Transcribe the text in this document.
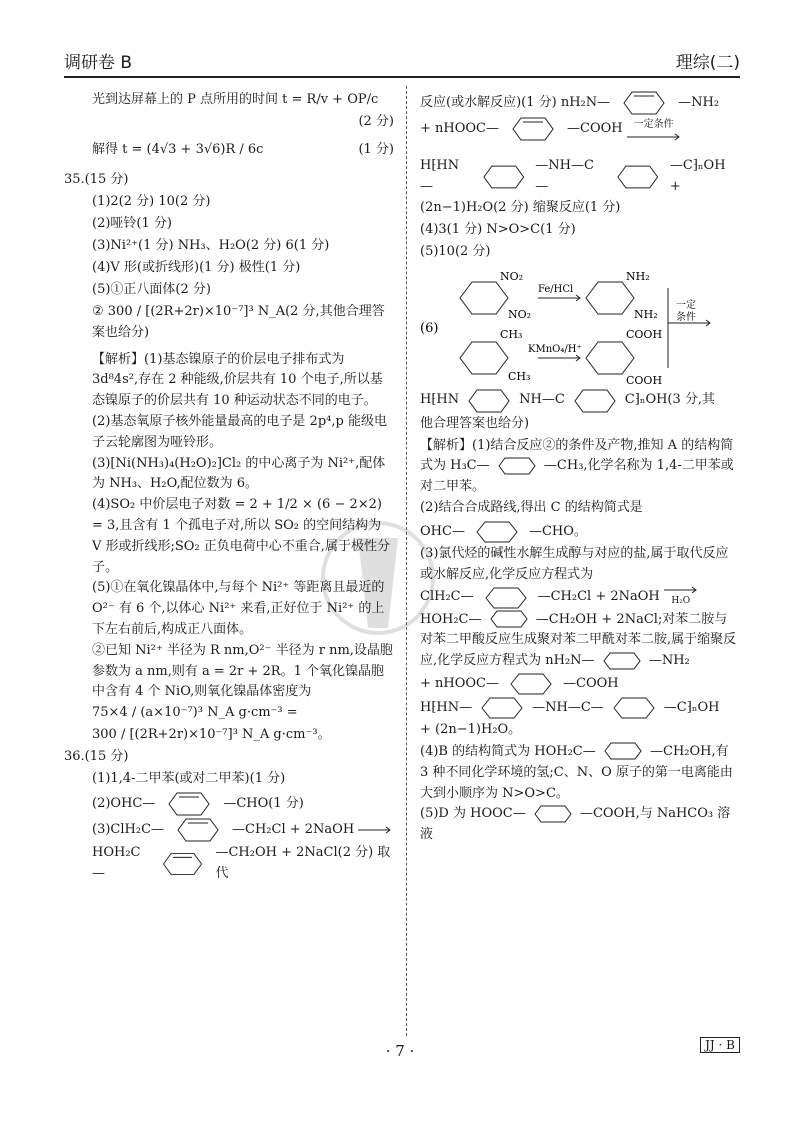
调研卷 B	理综(二)
光到达屏幕上的 P 点所用的时间 t = R/v + OP/c
(2 分)
解得 t = (4√3 + 3√6)R / 6c	(1 分)
35.(15 分)
(1)2(2 分) 10(2 分)
(2)哑铃(1 分)
(3)Ni²⁺(1 分) NH₃、H₂O(2 分) 6(1 分)
(4)V 形(或折线形)(1 分) 极性(1 分)
(5)①正八面体(2 分)
② 300 / [(2R+2r)×10⁻⁷]³ N_A(2 分,其他合理答案也给分)
【解析】(1)基态镍原子的价层电子排布式为 3d⁸4s²,存在 2 种能级,价层共有 10 个电子,所以基态镍原子的价层共有 10 种运动状态不同的电子。
(2)基态氧原子核外能量最高的电子是 2p⁴,p 能级电子云轮廓图为哑铃形。
(3)[Ni(NH₃)₄(H₂O)₂]Cl₂ 的中心离子为 Ni²⁺,配体为 NH₃、H₂O,配位数为 6。
(4)SO₂ 中价层电子对数 = 2 + 1/2 × (6 − 2×2) = 3,且含有 1 个孤电子对,所以 SO₂ 的空间结构为 V 形或折线形;SO₂ 正负电荷中心不重合,属于极性分子。
(5)①在氧化镍晶体中,与每个 Ni²⁺ 等距离且最近的 O²⁻ 有 6 个,以体心 Ni²⁺ 来看,正好位于 Ni²⁺ 的上下左右前后,构成正八面体。
②已知 Ni²⁺ 半径为 R nm,O²⁻ 半径为 r nm,设晶胞参数为 a nm,则有 a = 2r + 2R。1 个氧化镍晶胞中含有 4 个 NiO,则氧化镍晶体密度为
75×4 / (a×10⁻⁷)³ N_A g·cm⁻³ =
300 / [(2R+2r)×10⁻⁷]³ N_A g·cm⁻³。
36.(15 分)
(1)1,4-二甲苯(或对二甲苯)(1 分)
(2)OHC—	—CHO(1 分)
(3)ClH₂C—	—CH₂Cl + 2NaOH →
HOH₂C—
—CH₂OH + 2NaCl(2 分) 取代
反应(或水解反应)(1 分) nH₂N—	—NH₂
+ nHOOC—	—COOH 一定条件
H⁅HN—
—NH—C—
—C⁆ₙOH +
(2n−1)H₂O(2 分) 缩聚反应(1 分)
(4)3(1 分) N>O>C(1 分)
(5)10(2 分)
(6)
NO₂
NO₂
Fe/HCl
NH₂
NH₂
CH₃
CH₃
KMnO₄/H⁺
COOH
COOH
一定
条件
H⁅HN	NH—C	C⁆ₙOH(3 分,其
他合理答案也给分)
【解析】(1)结合反应②的条件及产物,推知 A 的结构简式为 H₃C—	—CH₃,化学名称为 1,4-二甲苯或对二甲苯。
(2)结合合成路线,得出 C 的结构简式是
OHC—	—CHO。
(3)氯代烃的碱性水解生成醇与对应的盐,属于取代反应或水解反应,化学反应方程式为
ClH₂C—	—CH₂Cl + 2NaOH H₂O
HOH₂C—	—CH₂OH + 2NaCl;对苯二胺与对苯二甲酸反应生成聚对苯二甲酰对苯二胺,属于缩聚反应,化学反应方程式为 nH₂N—	—NH₂
+ nHOOC—	—COOH
H⁅HN—	—NH—C—	—C⁆ₙOH
+ (2n−1)H₂O。
(4)B 的结构简式为 HOH₂C—	—CH₂OH,有 3 种不同化学环境的氢;C、N、O 原子的第一电离能由大到小顺序为 N>O>C。
(5)D 为 HOOC—	—COOH,与 NaHCO₃ 溶液
· 7 ·	JJ · B
